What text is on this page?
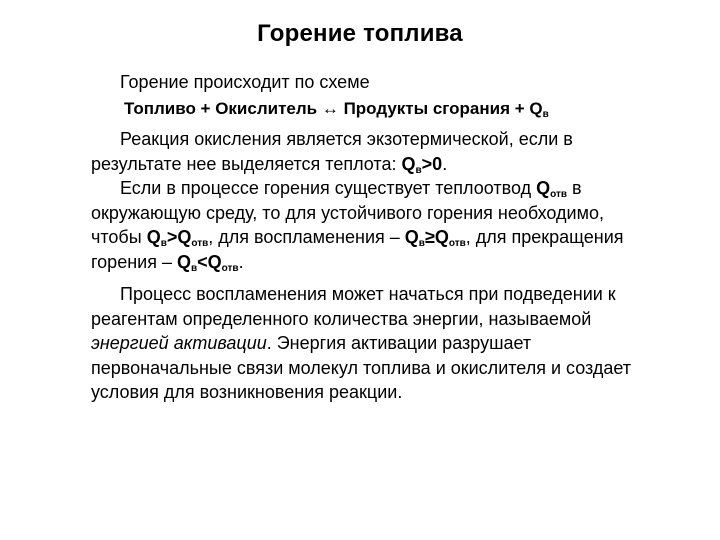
Горение топлива

Горение происходит по схеме

Топливо + Окислитель ↔ Продукты сгорания + $Q_в$

Реакция окисления является экзотермической, если в результате нее выделяется теплота: $Q_в>0$.

Если в процессе горения существует теплоотвод $Q_{отв}$ в окружающую среду, то для устойчивого горения необходимо, чтобы $Q_в>Q_{отв}$, для воспламенения – $Q_в\ge Q_{отв}$, для прекращения горения – $Q_в<Q_{отв}$.

Процесс воспламенения может начаться при подведении к реагентам определенного количества энергии, называемой энергией активации. Энергия активации разрушает первоначальные связи молекул топлива и окислителя и создает условия для возникновения реакции.
